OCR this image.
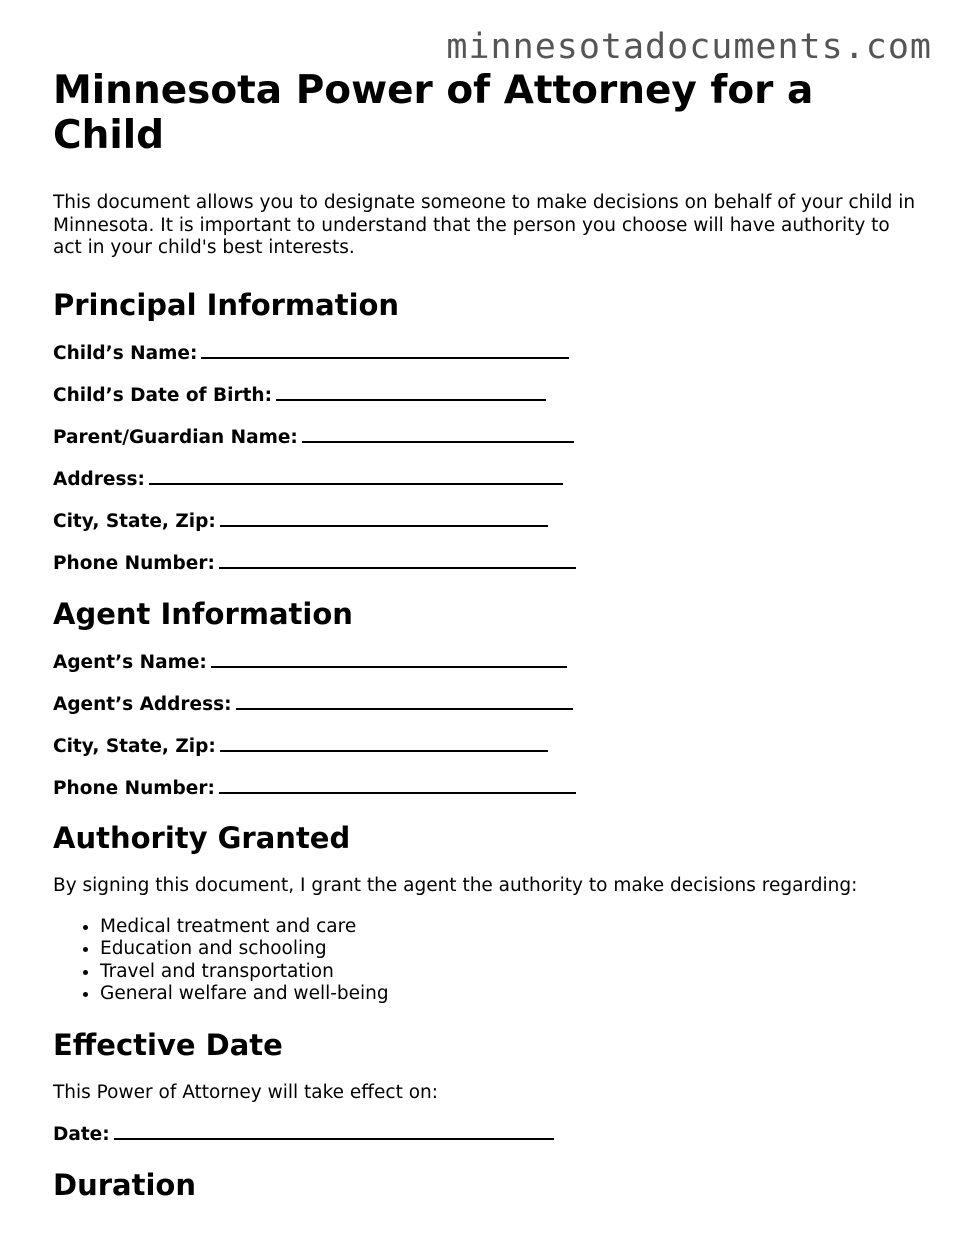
minnesotadocuments.com
Minnesota Power of Attorney for a Child

This document allows you to designate someone to make decisions on behalf of your child in Minnesota. It is important to understand that the person you choose will have authority to act in your child's best interests.

Principal Information
Child’s Name:
Child’s Date of Birth:
Parent/Guardian Name:
Address:
City, State, Zip:
Phone Number:
Agent Information
Agent’s Name:
Agent’s Address:
City, State, Zip:
Phone Number:
Authority Granted

By signing this document, I grant the agent the authority to make decisions regarding:

• Medical treatment and care
• Education and schooling
• Travel and transportation
• General welfare and well-being
Effective Date

This Power of Attorney will take effect on:

Date:
Duration
